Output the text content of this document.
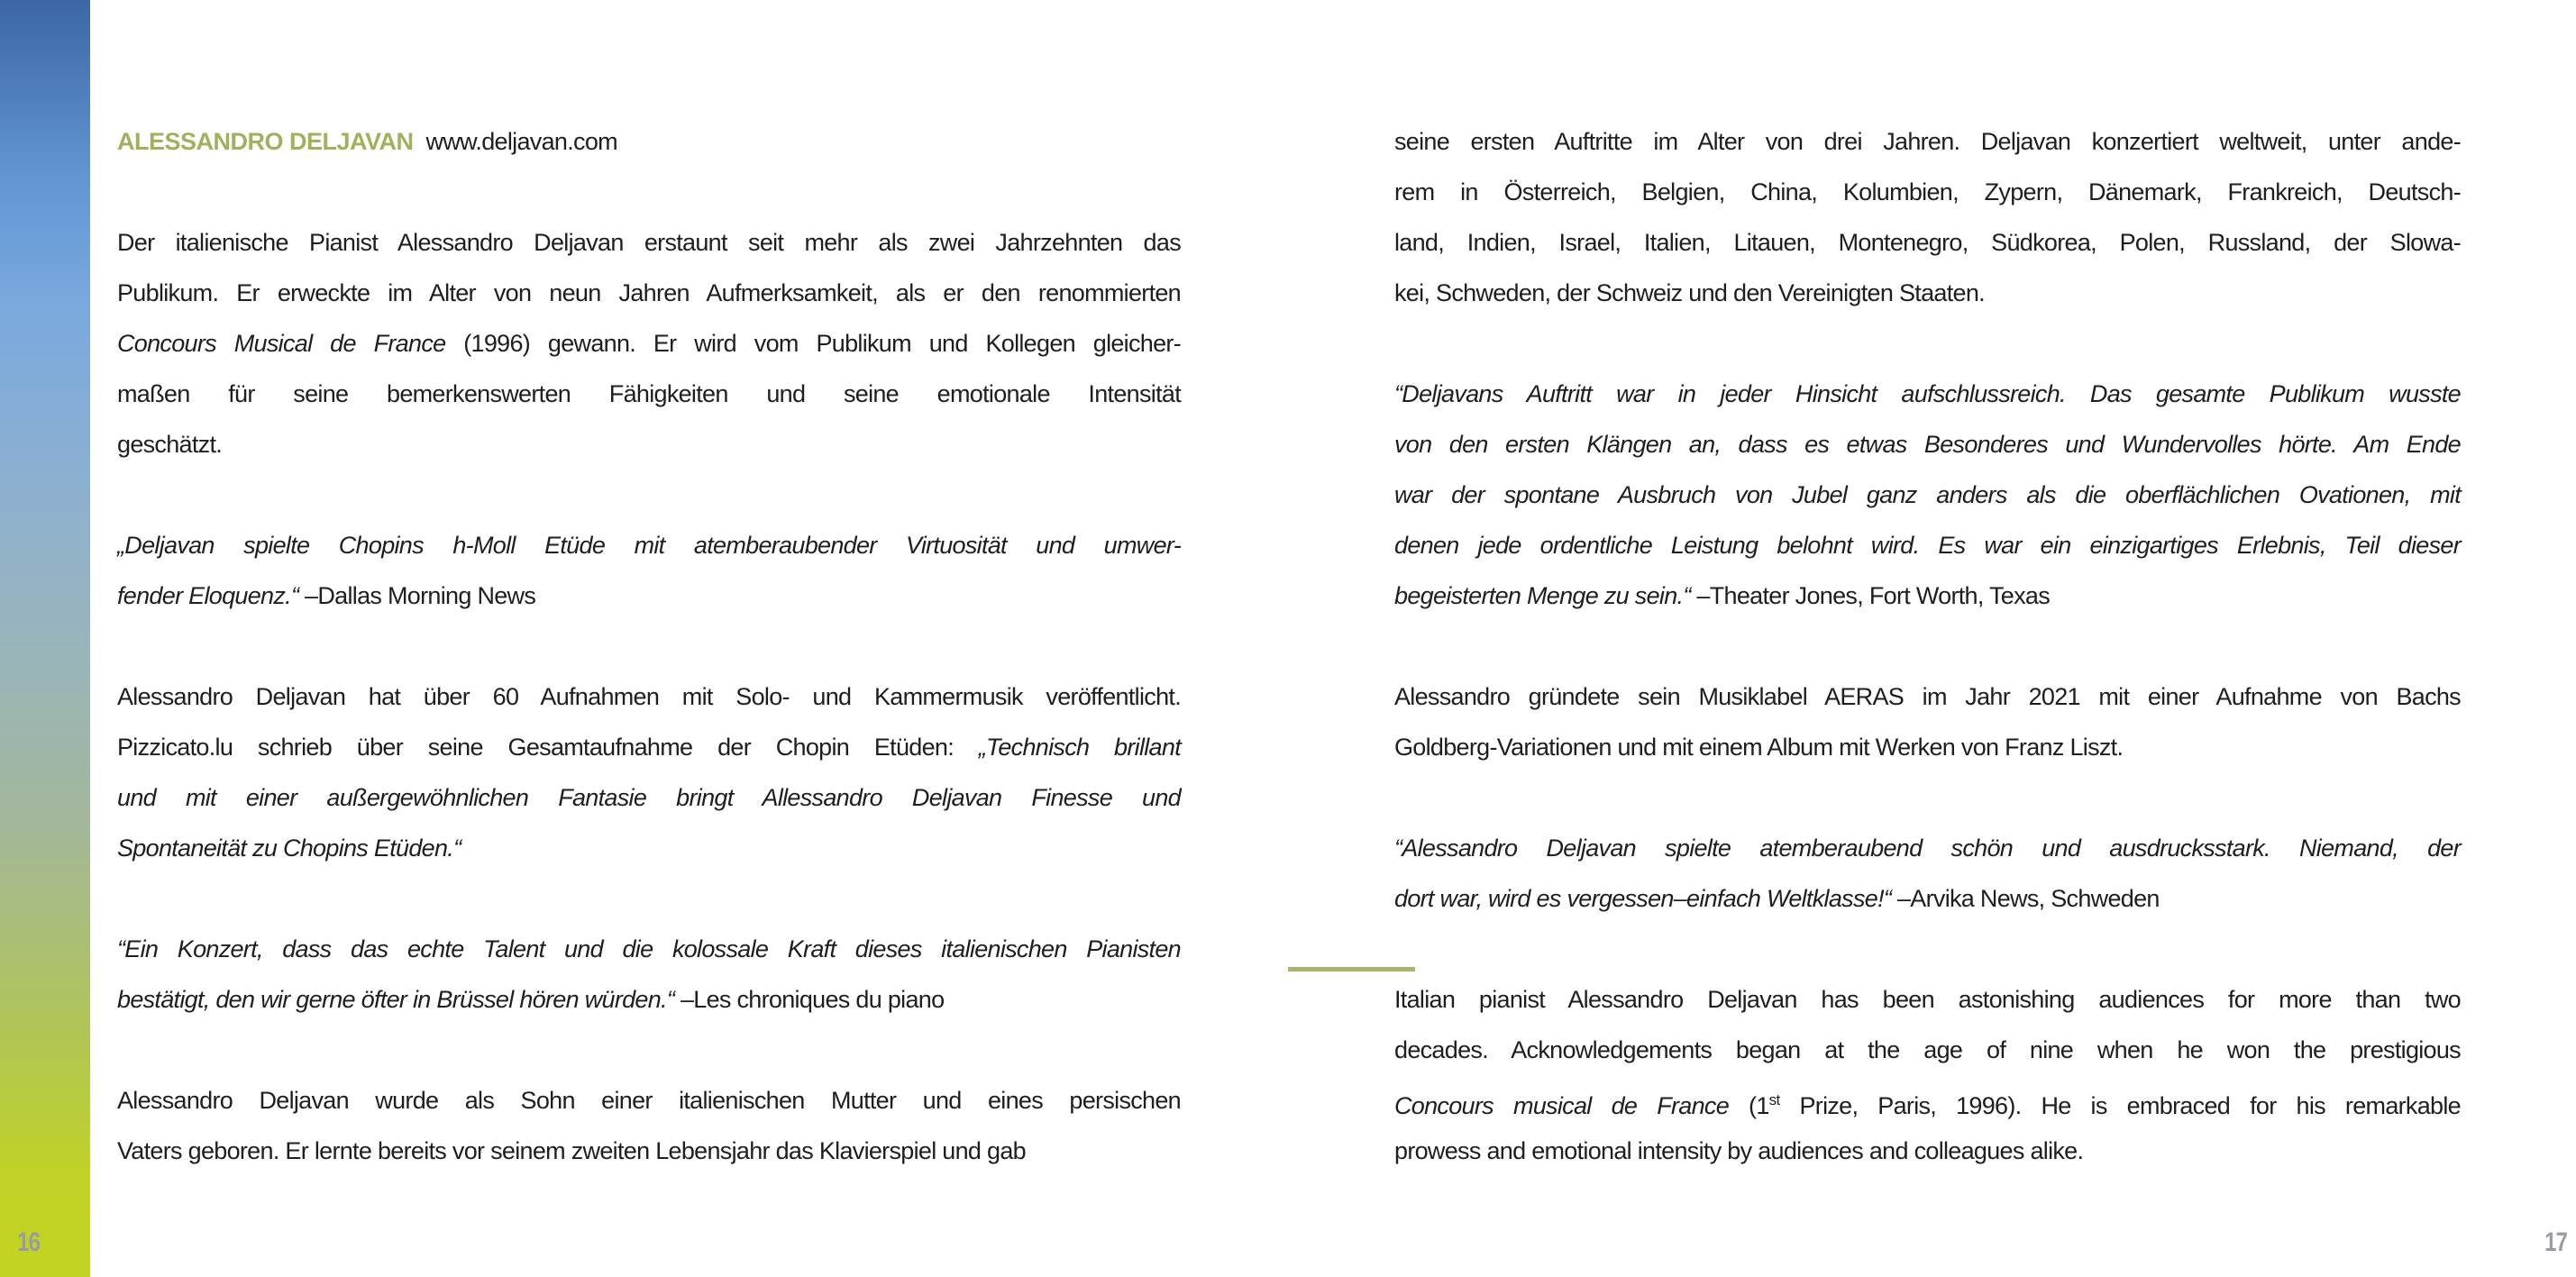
16	17
ALESSANDRO DELJAVAN www.deljavan.com
Der italienische Pianist Alessandro Deljavan erstaunt seit mehr als zwei Jahrzehnten das
Publikum. Er erweckte im Alter von neun Jahren Aufmerksamkeit, als er den renommierten
Concours Musical de France (1996) gewann. Er wird vom Publikum und Kollegen gleicher-
maßen für seine bemerkenswerten Fähigkeiten und seine emotionale Intensität
geschätzt.
„Deljavan spielte Chopins h-Moll Etüde mit atemberaubender Virtuosität und umwer-
fender Eloquenz.“ –Dallas Morning News
Alessandro Deljavan hat über 60 Aufnahmen mit Solo- und Kammermusik veröffentlicht.
Pizzicato.lu schrieb über seine Gesamtaufnahme der Chopin Etüden: „Technisch brillant
und mit einer außergewöhnlichen Fantasie bringt Allessandro Deljavan Finesse und
Spontaneität zu Chopins Etüden.“
“Ein Konzert, dass das echte Talent und die kolossale Kraft dieses italienischen Pianisten
bestätigt, den wir gerne öfter in Brüssel hören würden.“ –Les chroniques du piano
Alessandro Deljavan wurde als Sohn einer italienischen Mutter und eines persischen
Vaters geboren. Er lernte bereits vor seinem zweiten Lebensjahr das Klavierspiel und gab
seine ersten Auftritte im Alter von drei Jahren. Deljavan konzertiert weltweit, unter ande-
rem in Österreich, Belgien, China, Kolumbien, Zypern, Dänemark, Frankreich, Deutsch-
land, Indien, Israel, Italien, Litauen, Montenegro, Südkorea, Polen, Russland, der Slowa-
kei, Schweden, der Schweiz und den Vereinigten Staaten.
“Deljavans Auftritt war in jeder Hinsicht aufschlussreich. Das gesamte Publikum wusste
von den ersten Klängen an, dass es etwas Besonderes und Wundervolles hörte. Am Ende
war der spontane Ausbruch von Jubel ganz anders als die oberflächlichen Ovationen, mit
denen jede ordentliche Leistung belohnt wird. Es war ein einzigartiges Erlebnis, Teil dieser
begeisterten Menge zu sein.“ –Theater Jones, Fort Worth, Texas
Alessandro gründete sein Musiklabel AERAS im Jahr 2021 mit einer Aufnahme von Bachs
Goldberg-Variationen und mit einem Album mit Werken von Franz Liszt.
“Alessandro Deljavan spielte atemberaubend schön und ausdrucksstark. Niemand, der
dort war, wird es vergessen–einfach Weltklasse!“ –Arvika News, Schweden
Italian pianist Alessandro Deljavan has been astonishing audiences for more than two
decades. Acknowledgements began at the age of nine when he won the prestigious
Concours musical de France (1st Prize, Paris, 1996). He is embraced for his remarkable
prowess and emotional intensity by audiences and colleagues alike.
